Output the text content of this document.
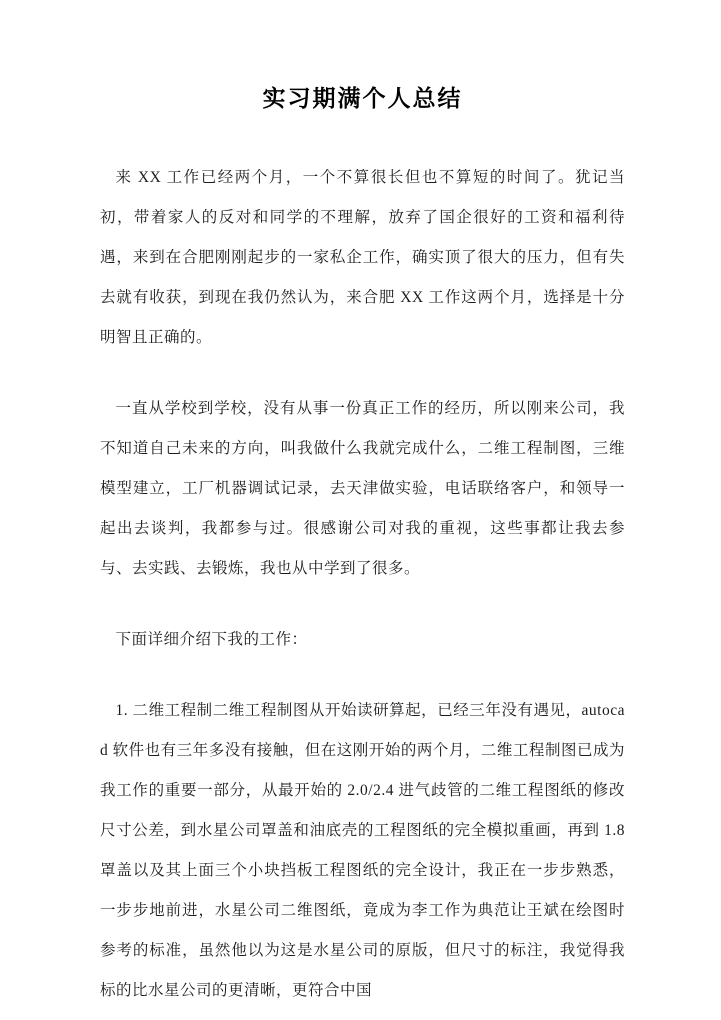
实习期满个人总结

来 XX 工作已经两个月，一个不算很长但也不算短的时间了。犹记当初，带着家人的反对和同学的不理解，放弃了国企很好的工资和福利待遇，来到在合肥刚刚起步的一家私企工作，确实顶了很大的压力，但有失去就有收获，到现在我仍然认为，来合肥 XX 工作这两个月，选择是十分明智且正确的。

一直从学校到学校，没有从事一份真正工作的经历，所以刚来公司，我不知道自己未来的方向，叫我做什么我就完成什么，二维工程制图，三维模型建立，工厂机器调试记录，去天津做实验，电话联络客户，和领导一起出去谈判，我都参与过。很感谢公司对我的重视，这些事都让我去参与、去实践、去锻炼，我也从中学到了很多。

下面详细介绍下我的工作：

1. 二维工程制二维工程制图从开始读研算起，已经三年没有遇见，autocad 软件也有三年多没有接触，但在这刚开始的两个月，二维工程制图已成为我工作的重要一部分，从最开始的 2.0/2.4 进气歧管的二维工程图纸的修改尺寸公差，到水星公司罩盖和油底壳的工程图纸的完全模拟重画，再到 1.8 罩盖以及其上面三个小块挡板工程图纸的完全设计，我正在一步步熟悉，一步步地前进，水星公司二维图纸，竟成为李工作为典范让王斌在绘图时参考的标准，虽然他以为这是水星公司的原版，但尺寸的标注，我觉得我标的比水星公司的更清晰，更符合中国
